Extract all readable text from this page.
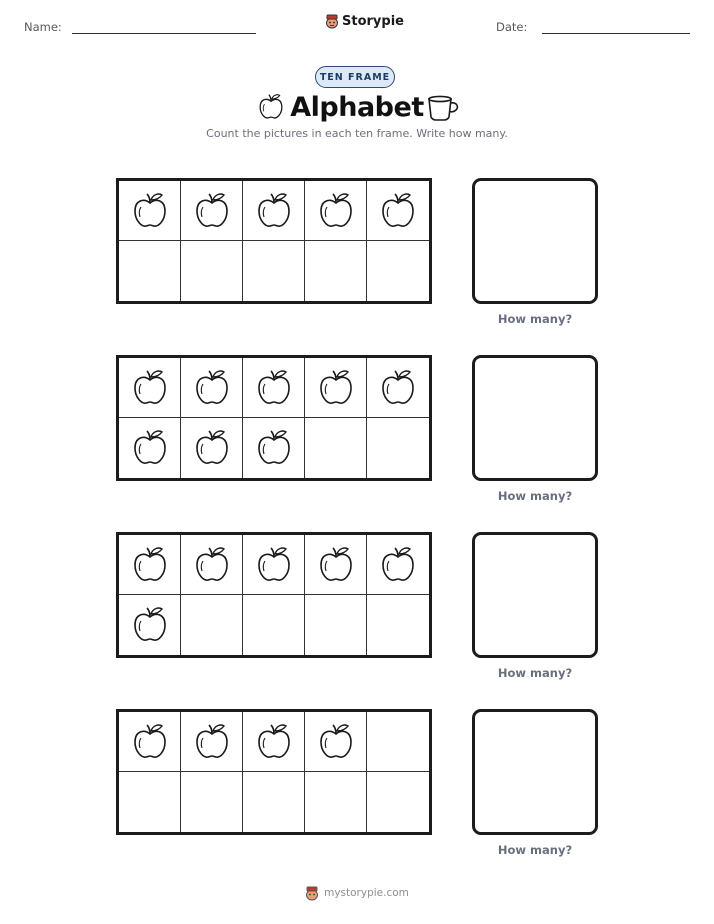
Name:	Storypie	Date:
TEN FRAME
Alphabet
Count the pictures in each ten frame. Write how many.
How many?
How many?
How many?
How many?
mystorypie.com
